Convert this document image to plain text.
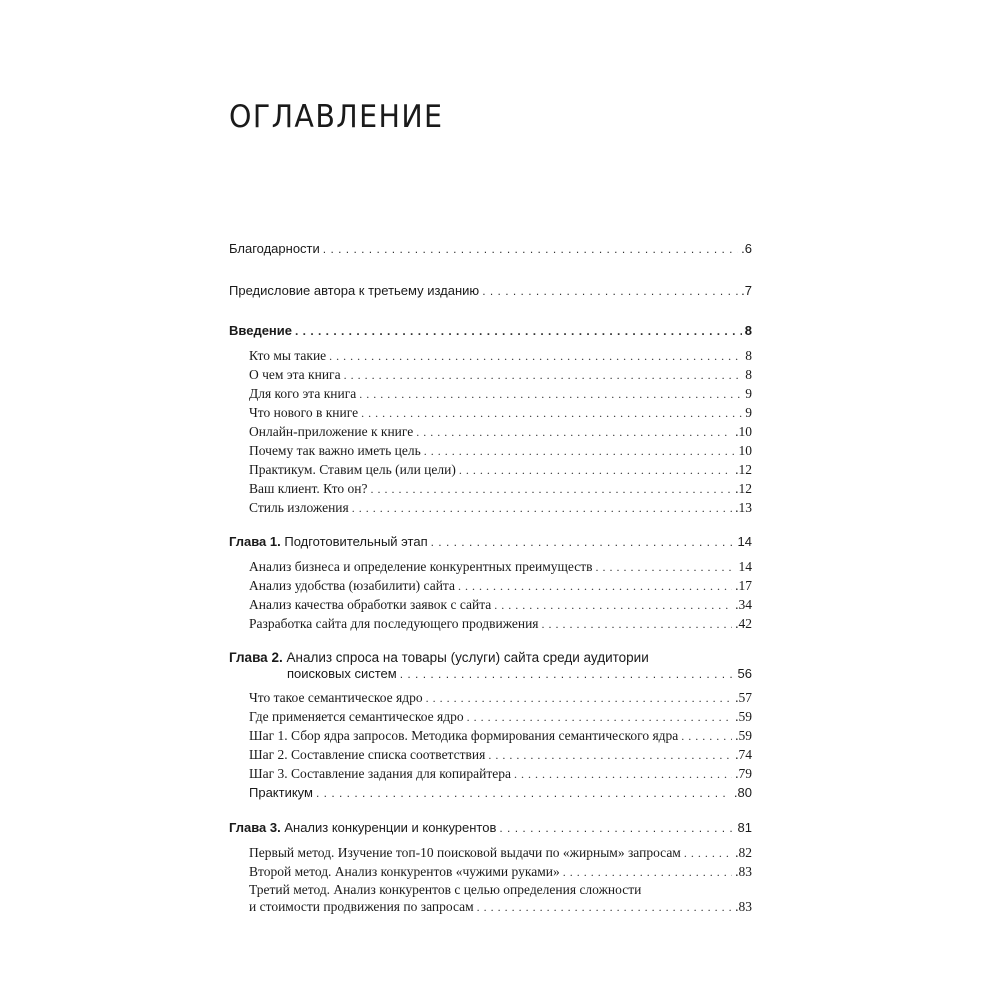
ОГЛАВЛЕНИЕ
Благодарности . . .	.6
Предисловие автора к третьему изданию . . .	.7
Введение . . .	8
Кто мы такие . . .	8
О чем эта книга . . .	8
Для кого эта книга . . .	9
Что нового в книге . . .	9
Онлайн-приложение к книге . . .	.10
Почему так важно иметь цель . . .	10
Практикум. Ставим цель (или цели) . . .	.12
Ваш клиент. Кто он? . . .	.12
Стиль изложения . . .	.13
Глава 1. Подготовительный этап . . .	14
Анализ бизнеса и определение конкурентных преимуществ . . .	14
Анализ удобства (юзабилити) сайта . . .	.17
Анализ качества обработки заявок с сайта . . .	.34
Разработка сайта для последующего продвижения . . .	.42
Глава 2. Анализ спроса на товары (услуги) сайта среди аудитории
поисковых систем . . .	56
Что такое семантическое ядро . . .	.57
Где применяется семантическое ядро . . .	.59
Шаг 1. Сбор ядра запросов. Методика формирования семантического ядра . . .	.59
Шаг 2. Составление списка соответствия . . .	.74
Шаг 3. Составление задания для копирайтера . . .	.79
Практикум . . .	.80
Глава 3. Анализ конкуренции и конкурентов . . .	81
Первый метод. Изучение топ-10 поисковой выдачи по «жирным» запросам . . .	.82
Второй метод. Анализ конкурентов «чужими руками» . . .	.83
Третий метод. Анализ конкурентов с целью определения сложности
и стоимости продвижения по запросам . . .	.83
